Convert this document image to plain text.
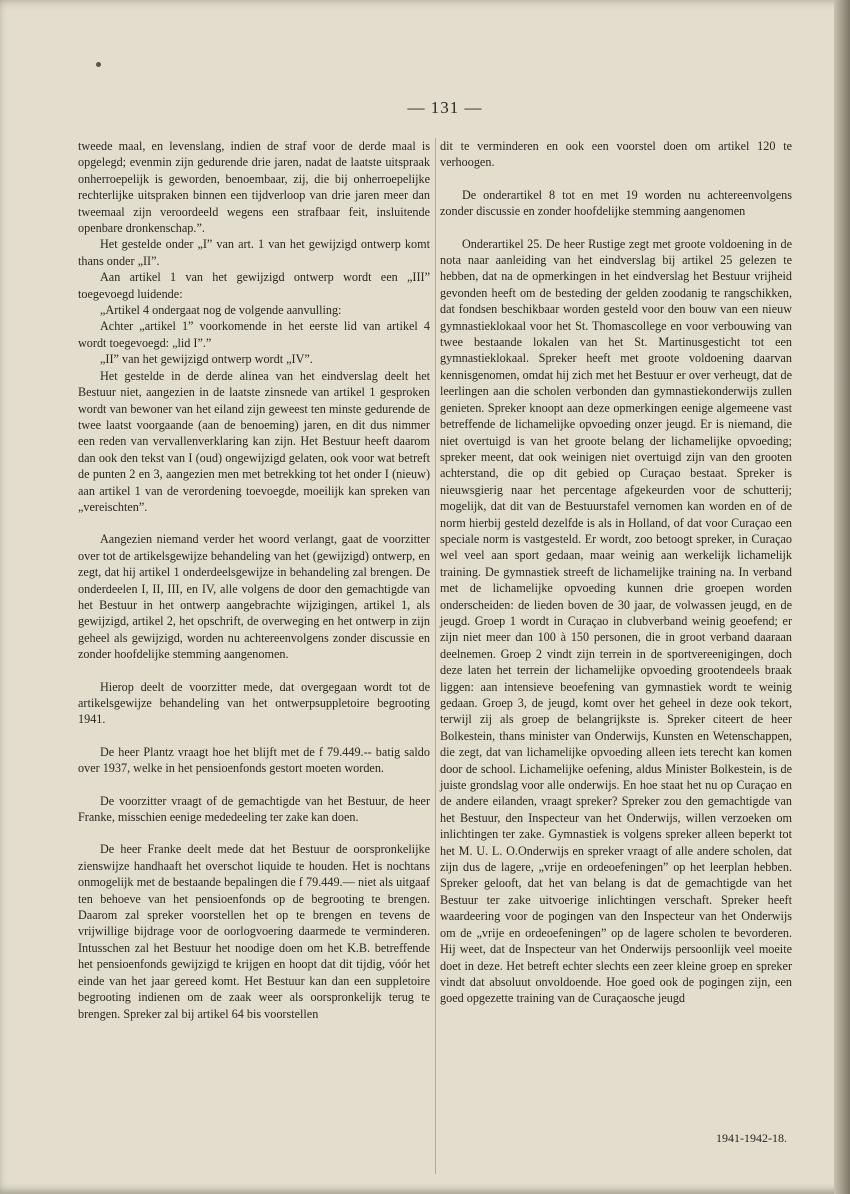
— 131 —

tweede maal, en levenslang, indien de straf voor de derde maal is opgelegd; evenmin zijn gedurende drie jaren, nadat de laatste uitspraak onherroepelijk is geworden, benoembaar, zij, die bij onherroepelijke rechterlijke uitspraken binnen een tijdverloop van drie jaren meer dan tweemaal zijn veroordeeld wegens een strafbaar feit, insluitende openbare dronkenschap.”.

Het gestelde onder „I” van art. 1 van het gewijzigd ontwerp komt thans onder „II”.

Aan artikel 1 van het gewijzigd ontwerp wordt een „III” toegevoegd luidende:

„Artikel 4 ondergaat nog de volgende aanvulling:

Achter „artikel 1” voorkomende in het eerste lid van artikel 4 wordt toegevoegd: „lid I”.”

„II” van het gewijzigd ontwerp wordt „IV”.

Het gestelde in de derde alinea van het eindverslag deelt het Bestuur niet, aangezien in de laatste zinsnede van artikel 1 gesproken wordt van bewoner van het eiland zijn geweest ten minste gedurende de twee laatst voorgaande (aan de benoeming) jaren, en dit dus nimmer een reden van vervallenverklaring kan zijn. Het Bestuur heeft daarom dan ook den tekst van I (oud) ongewijzigd gelaten, ook voor wat betreft de punten 2 en 3, aangezien men met betrekking tot het onder I (nieuw) aan artikel 1 van de verordening toevoegde, moeilijk kan spreken van „vereischten”.

Aangezien niemand verder het woord verlangt, gaat de voorzitter over tot de artikelsgewijze behandeling van het (gewijzigd) ontwerp, en zegt, dat hij artikel 1 onderdeelsgewijze in behandeling zal brengen. De onderdeelen I, II, III, en IV, alle volgens de door den gemachtigde van het Bestuur in het ontwerp aangebrachte wijzigingen, artikel 1, als gewijzigd, artikel 2, het opschrift, de overweging en het ontwerp in zijn geheel als gewijzigd, worden nu achtereenvolgens zonder discussie en zonder hoofdelijke stemming aangenomen.

Hierop deelt de voorzitter mede, dat overgegaan wordt tot de artikelsgewijze behandeling van het ontwerpsuppletoire begrooting 1941.

De heer Plantz vraagt hoe het blijft met de f 79.449.-- batig saldo over 1937, welke in het pensioenfonds gestort moeten worden.

De voorzitter vraagt of de gemachtigde van het Bestuur, de heer Franke, misschien eenige mededeeling ter zake kan doen.

De heer Franke deelt mede dat het Bestuur de oorspronkelijke zienswijze handhaaft het overschot liquide te houden. Het is nochtans onmogelijk met de bestaande bepalingen die f 79.449.— niet als uitgaaf ten behoeve van het pensioenfonds op de begrooting te brengen. Daarom zal spreker voorstellen het op te brengen en tevens de vrijwillige bijdrage voor de oorlogvoering daarmede te verminderen. Intusschen zal het Bestuur het noodige doen om het K.B. betreffende het pensioenfonds gewijzigd te krijgen en hoopt dat dit tijdig, vóór het einde van het jaar gereed komt. Het Bestuur kan dan een suppletoire begrooting indienen om de zaak weer als oorspronkelijk terug te brengen. Spreker zal bij artikel 64 bis voorstellen

dit te verminderen en ook een voorstel doen om artikel 120 te verhoogen.

De onderartikel 8 tot en met 19 worden nu achtereenvolgens zonder discussie en zonder hoofdelijke stemming aangenomen

Onderartikel 25. De heer Rustige zegt met groote voldoening in de nota naar aanleiding van het eindverslag bij artikel 25 gelezen te hebben, dat na de opmerkingen in het eindverslag het Bestuur vrijheid gevonden heeft om de besteding der gelden zoodanig te rangschikken, dat fondsen beschikbaar worden gesteld voor den bouw van een nieuw gymnastieklokaal voor het St. Thomascollege en voor verbouwing van twee bestaande lokalen van het St. Martinusgesticht tot een gymnastieklokaal. Spreker heeft met groote voldoening daarvan kennisgenomen, omdat hij zich met het Bestuur er over verheugt, dat de leerlingen aan die scholen verbonden dan gymnastiekonderwijs zullen genieten. Spreker knoopt aan deze opmerkingen eenige algemeene vast betreffende de lichamelijke opvoeding onzer jeugd. Er is niemand, die niet overtuigd is van het groote belang der lichamelijke opvoeding; spreker meent, dat ook weinigen niet overtuigd zijn van den grooten achterstand, die op dit gebied op Curaçao bestaat. Spreker is nieuwsgierig naar het percentage afgekeurden voor de schutterij; mogelijk, dat dit van de Bestuurstafel vernomen kan worden en of de norm hierbij gesteld dezelfde is als in Holland, of dat voor Curaçao een speciale norm is vastgesteld. Er wordt, zoo betoogt spreker, in Curaçao wel veel aan sport gedaan, maar weinig aan werkelijk lichamelijk training. De gymnastiek streeft de lichamelijke training na. In verband met de lichamelijke opvoeding kunnen drie groepen worden onderscheiden: de lieden boven de 30 jaar, de volwassen jeugd, en de jeugd. Groep 1 wordt in Curaçao in clubverband weinig geoefend; er zijn niet meer dan 100 à 150 personen, die in groot verband daaraan deelnemen. Groep 2 vindt zijn terrein in de sportvereenigingen, doch deze laten het terrein der lichamelijke opvoeding grootendeels braak liggen: aan intensieve beoefening van gymnastiek wordt te weinig gedaan. Groep 3, de jeugd, komt over het geheel in deze ook tekort, terwijl zij als groep de belangrijkste is. Spreker citeert de heer Bolkestein, thans minister van Onderwijs, Kunsten en Wetenschappen, die zegt, dat van lichamelijke opvoeding alleen iets terecht kan komen door de school. Lichamelijke oefening, aldus Minister Bolkestein, is de juiste grondslag voor alle onderwijs. En hoe staat het nu op Curaçao en de andere eilanden, vraagt spreker? Spreker zou den gemachtigde van het Bestuur, den Inspecteur van het Onderwijs, willen verzoeken om inlichtingen ter zake. Gymnastiek is volgens spreker alleen beperkt tot het M. U. L. O.Onderwijs en spreker vraagt of alle andere scholen, dat zijn dus de lagere, „vrije en ordeoefeningen” op het leerplan hebben. Spreker gelooft, dat het van belang is dat de gemachtigde van het Bestuur ter zake uitvoerige inlichtingen verschaft. Spreker heeft waardeering voor de pogingen van den Inspecteur van het Onderwijs om de „vrije en ordeoefeningen” op de lagere scholen te bevorderen. Hij weet, dat de Inspecteur van het Onderwijs persoonlijk veel moeite doet in deze. Het betreft echter slechts een zeer kleine groep en spreker vindt dat absoluut onvoldoende. Hoe goed ook de pogingen zijn, een goed opgezette training van de Curaçaosche jeugd

1941-1942-18.
